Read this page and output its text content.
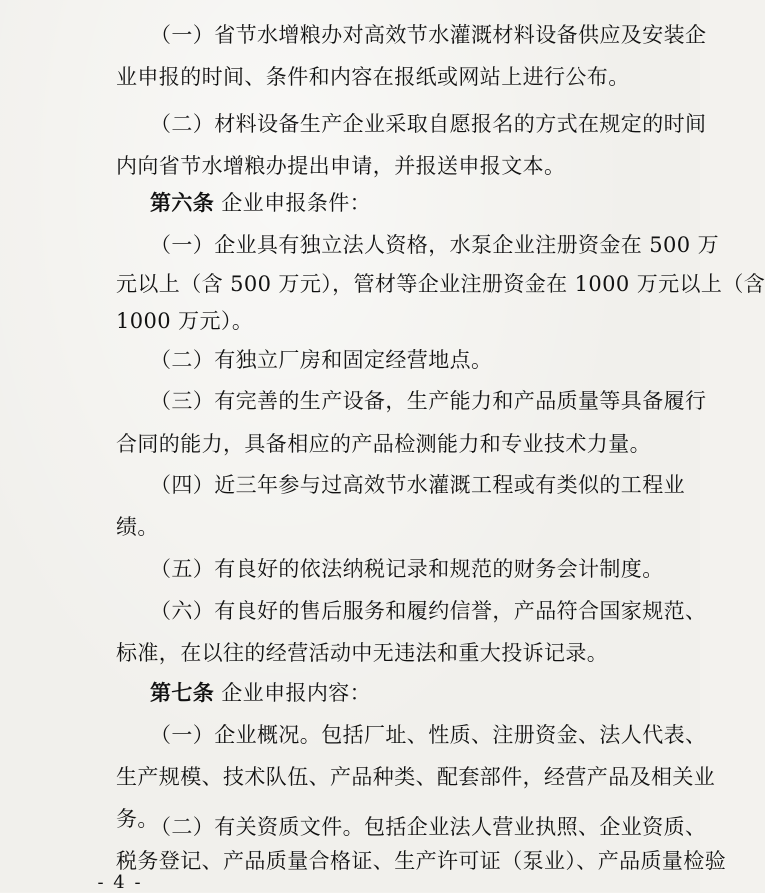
（一）省节水增粮办对高效节水灌溉材料设备供应及安装企
业申报的时间、条件和内容在报纸或网站上进行公布。
（二）材料设备生产企业采取自愿报名的方式在规定的时间
内向省节水增粮办提出申请，并报送申报文本。
第六条 企业申报条件：
（一）企业具有独立法人资格，水泵企业注册资金在 500 万
元以上（含 500 万元），管材等企业注册资金在 1000 万元以上（含
1000 万元）。
（二）有独立厂房和固定经营地点。
（三）有完善的生产设备，生产能力和产品质量等具备履行
合同的能力，具备相应的产品检测能力和专业技术力量。
（四）近三年参与过高效节水灌溉工程或有类似的工程业
绩。
（五）有良好的依法纳税记录和规范的财务会计制度。
（六）有良好的售后服务和履约信誉，产品符合国家规范、
标准，在以往的经营活动中无违法和重大投诉记录。
第七条 企业申报内容：
（一）企业概况。包括厂址、性质、注册资金、法人代表、
生产规模、技术队伍、产品种类、配套部件，经营产品及相关业
务。
（二）有关资质文件。包括企业法人营业执照、企业资质、
税务登记、产品质量合格证、生产许可证（泵业）、产品质量检验
- 4 -
